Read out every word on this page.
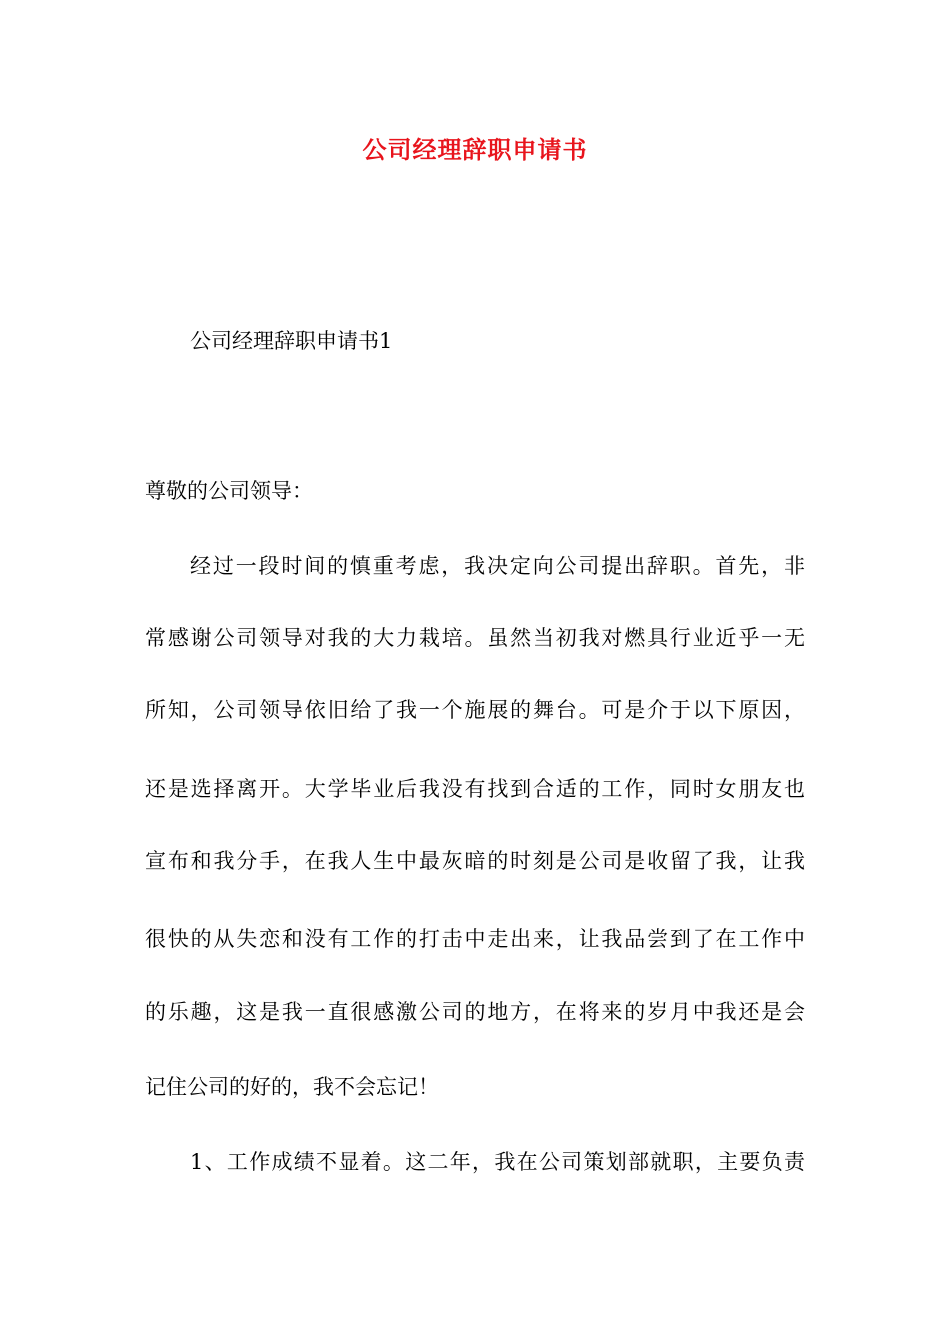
公司经理辞职申请书
公司经理辞职申请书1
尊敬的公司领导：
经过一段时间的慎重考虑，我决定向公司提出辞职。首先，非
常感谢公司领导对我的大力栽培。虽然当初我对燃具行业近乎一无
所知，公司领导依旧给了我一个施展的舞台。可是介于以下原因，
还是选择离开。大学毕业后我没有找到合适的工作，同时女朋友也
宣布和我分手，在我人生中最灰暗的时刻是公司是收留了我，让我
很快的从失恋和没有工作的打击中走出来，让我品尝到了在工作中
的乐趣，这是我一直很感激公司的地方，在将来的岁月中我还是会
记住公司的好的，我不会忘记！
1、工作成绩不显着。这二年，我在公司策划部就职，主要负责
